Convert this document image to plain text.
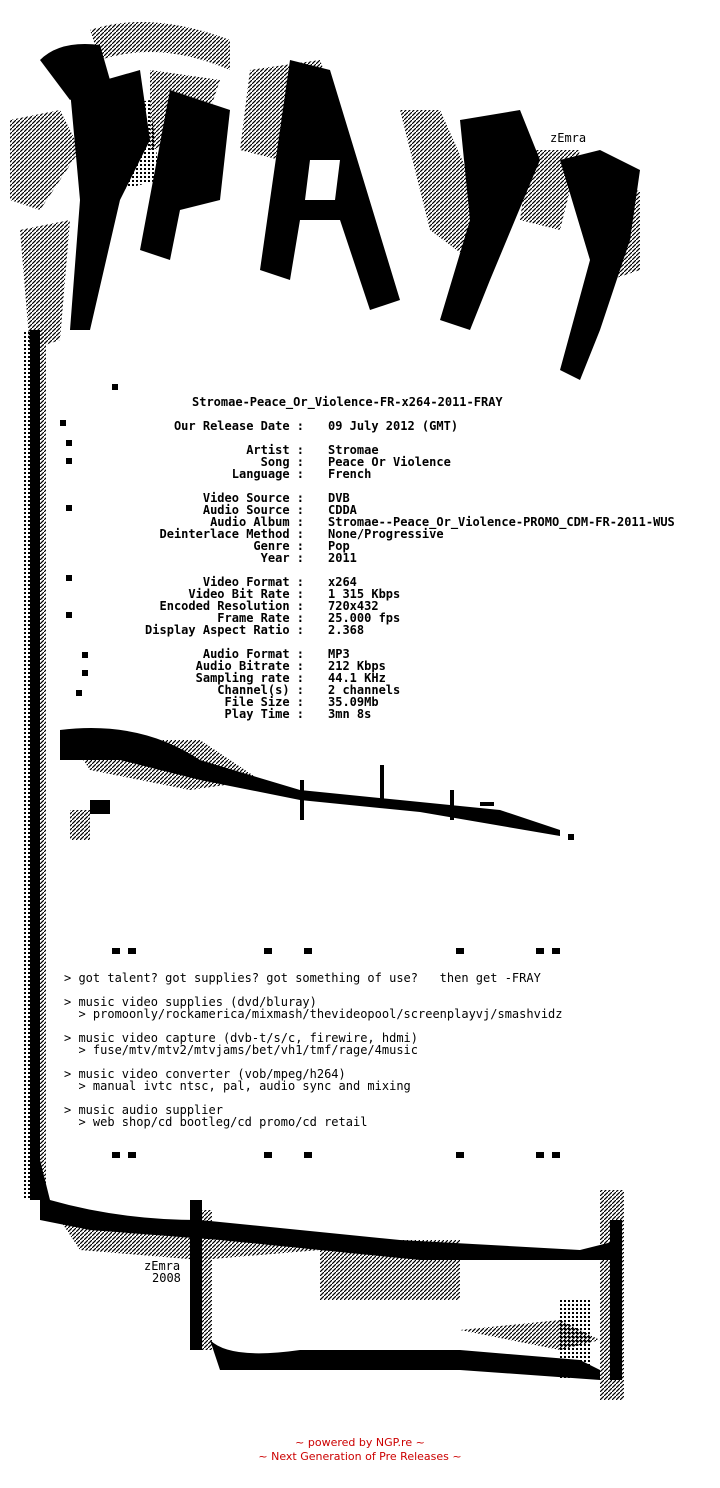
zEmra
Stromae-Peace_Or_Violence-FR-x264-2011-FRAY
Our Release Date : 09 July 2012 (GMT)
Artist : Stromae
Song : Peace Or Violence
Language : French
Video Source : DVB
Audio Source : CDDA
Audio Album : Stromae--Peace_Or_Violence-PROMO_CDM-FR-2011-WUS
Deinterlace Method : None/Progressive
Genre : Pop
Year : 2011
Video Format : x264
Video Bit Rate : 1 315 Kbps
Encoded Resolution : 720x432
Frame Rate : 25.000 fps
Display Aspect Ratio : 2.368
Audio Format : MP3
Audio Bitrate : 212 Kbps
Sampling rate : 44.1 KHz
Channel(s) : 2 channels
File Size : 35.09Mb
Play Time : 3mn 8s
> got talent? got supplies? got something of use?   then get -FRAY
> music video supplies (dvd/bluray)
> promoonly/rockamerica/mixmash/thevideopool/screenplayvj/smashvidz
> music video capture (dvb-t/s/c, firewire, hdmi)
> fuse/mtv/mtv2/mtvjams/bet/vh1/tmf/rage/4music
> music video converter (vob/mpeg/h264)
> manual ivtc ntsc, pal, audio sync and mixing
> music audio supplier
> web shop/cd bootleg/cd promo/cd retail
zEmra
2008
~ powered by NGP.re ~
~ Next Generation of Pre Releases ~
